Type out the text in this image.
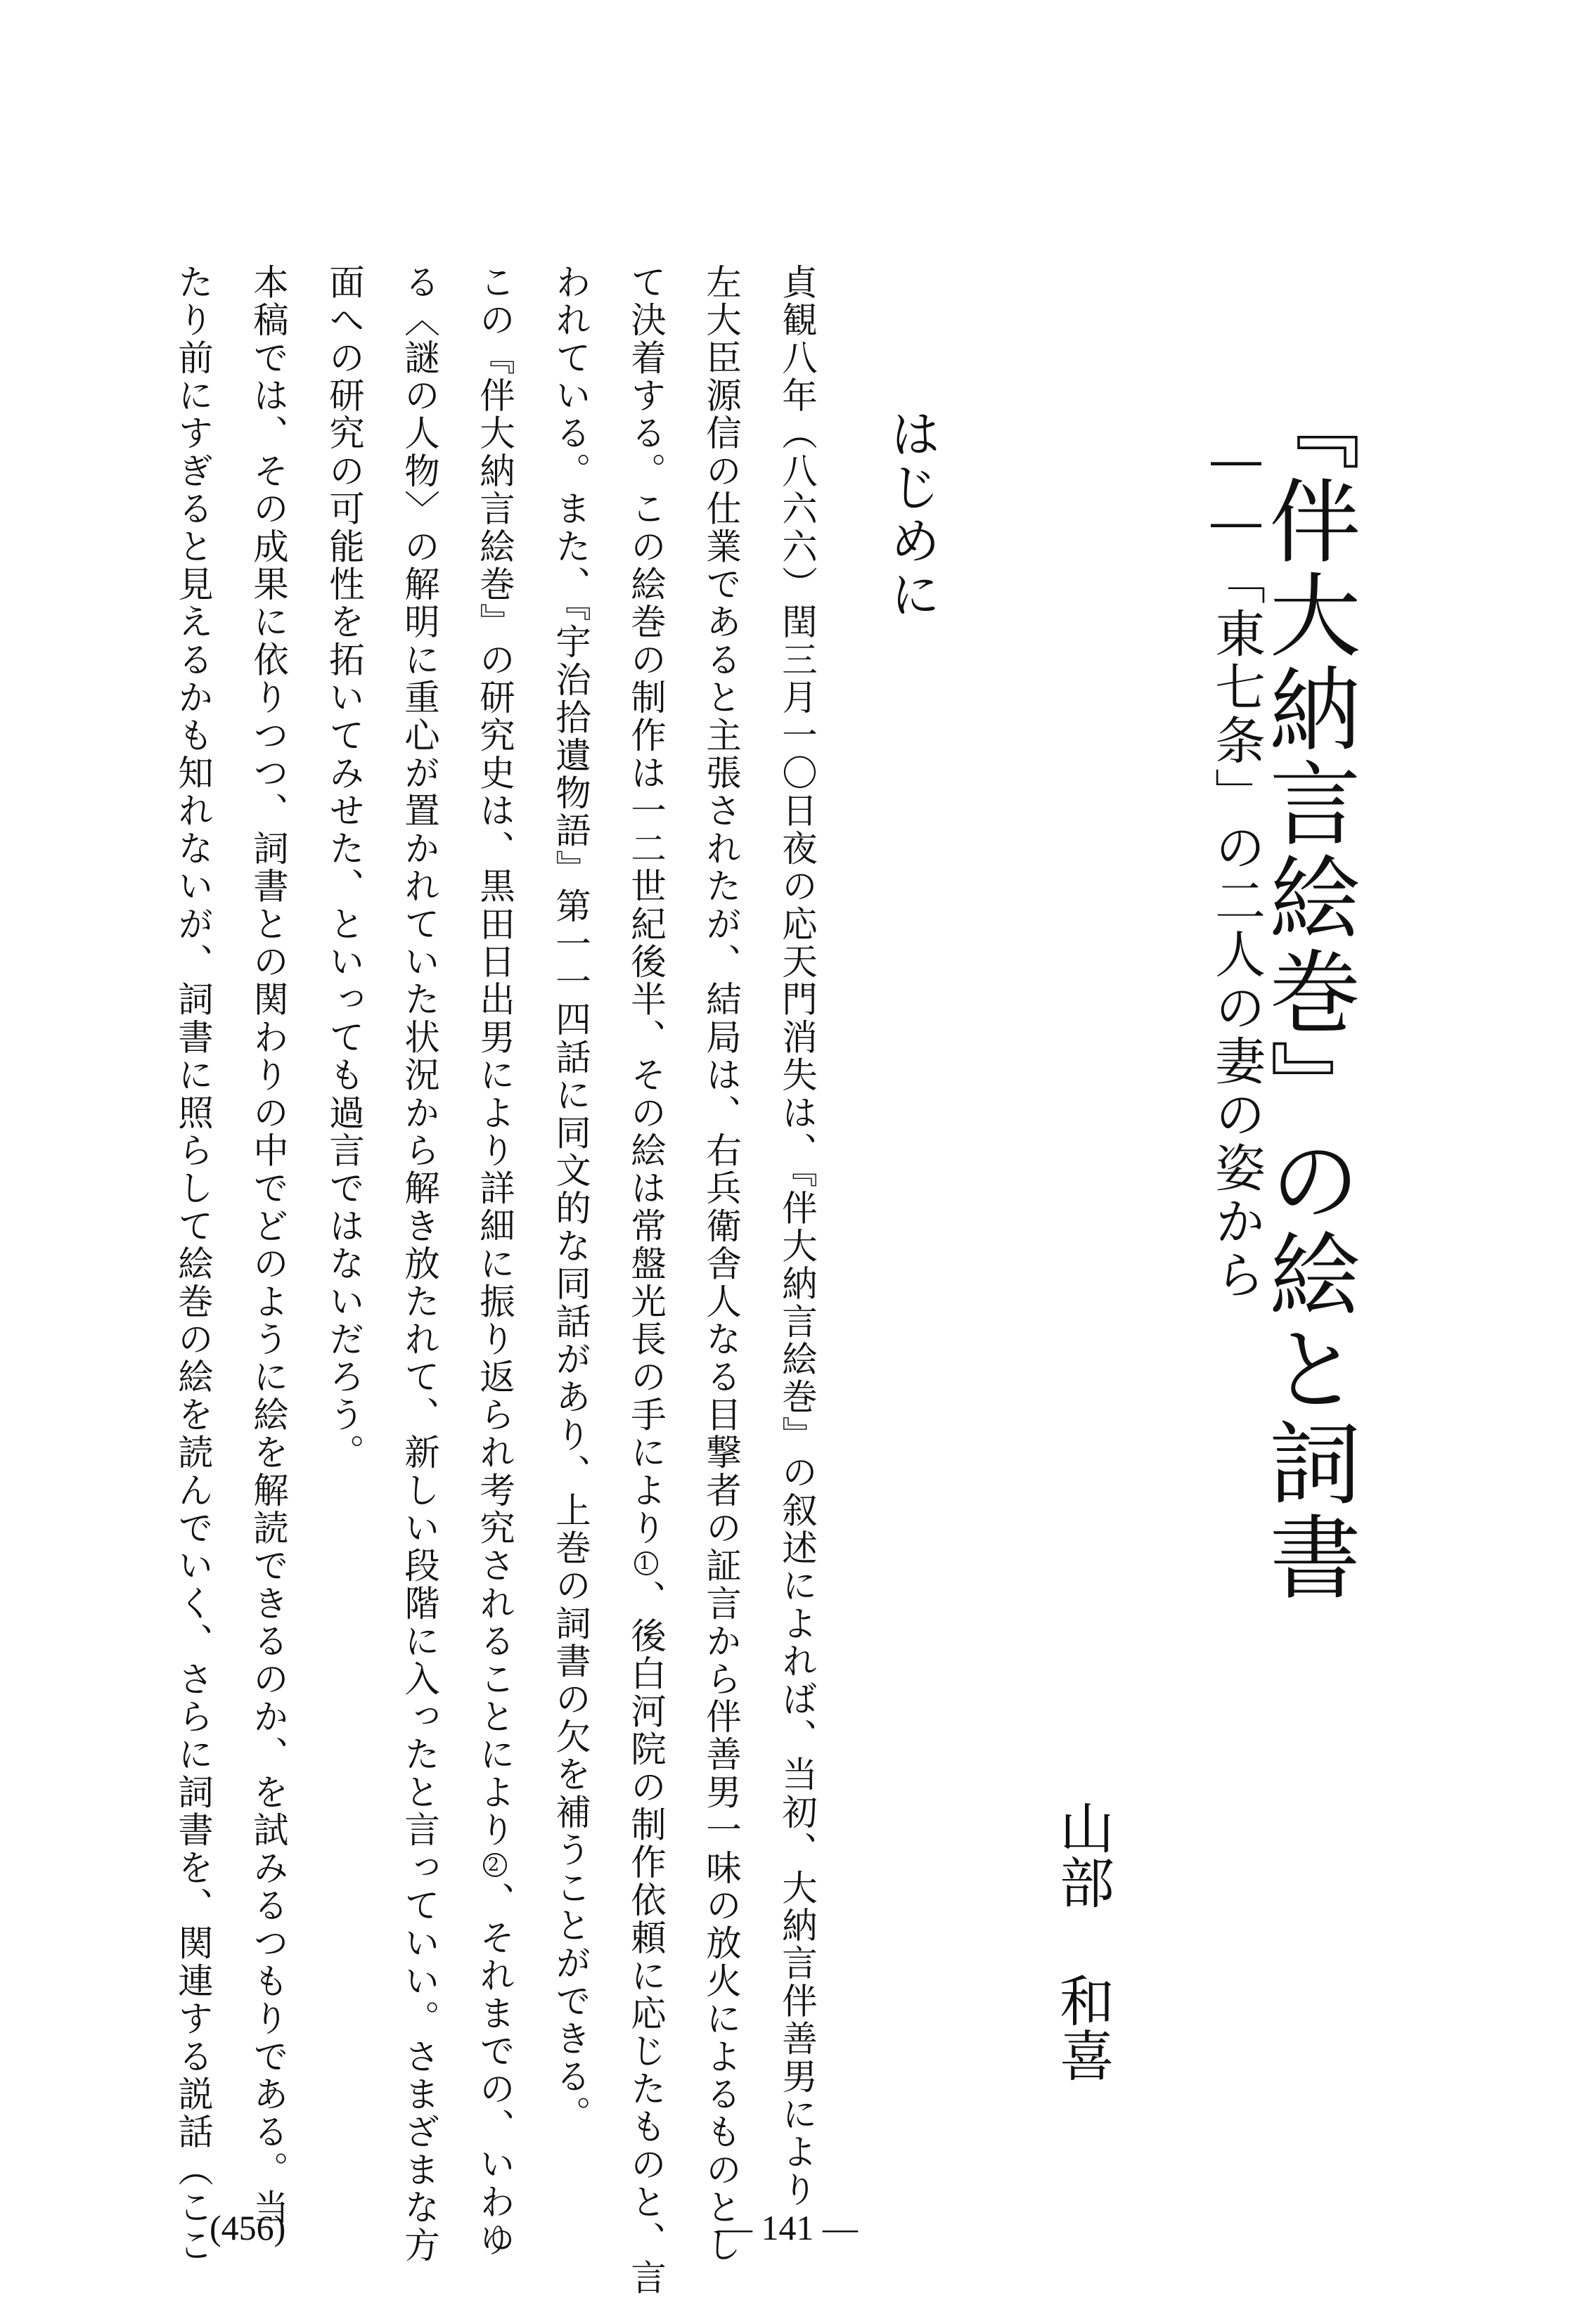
『伴大納言絵巻』の絵と詞書
――「東七条」の二人の妻の姿から
山部和喜
はじめに
貞観八年（八六六）閏三月一〇日夜の応天門消失は、『伴大納言絵巻』の叙述によれば、当初、大納言伴善男により
左大臣源信の仕業であると主張されたが、結局は、右兵衛舎人なる目撃者の証言から伴善男一味の放火によるものとし
て決着する。この絵巻の制作は一二世紀後半、その絵は常盤光長の手により1、後白河院の制作依頼に応じたものと、言
われている。また、『宇治拾遺物語』第一一四話に同文的な同話があり、上巻の詞書の欠を補うことができる。
この『伴大納言絵巻』の研究史は、黒田日出男により詳細に振り返られ考究されることにより2、それまでの、いわゆ
る〈謎の人物〉の解明に重心が置かれていた状況から解き放たれて、新しい段階に入ったと言っていい。さまざまな方
面への研究の可能性を拓いてみせた、といっても過言ではないだろう。
本稿では、その成果に依りつつ、詞書との関わりの中でどのように絵を解読できるのか、を試みるつもりである。当
たり前にすぎると見えるかも知れないが、詞書に照らして絵巻の絵を読んでいく、さらに詞書を、関連する説話（ここ
(456)	— 141 —
